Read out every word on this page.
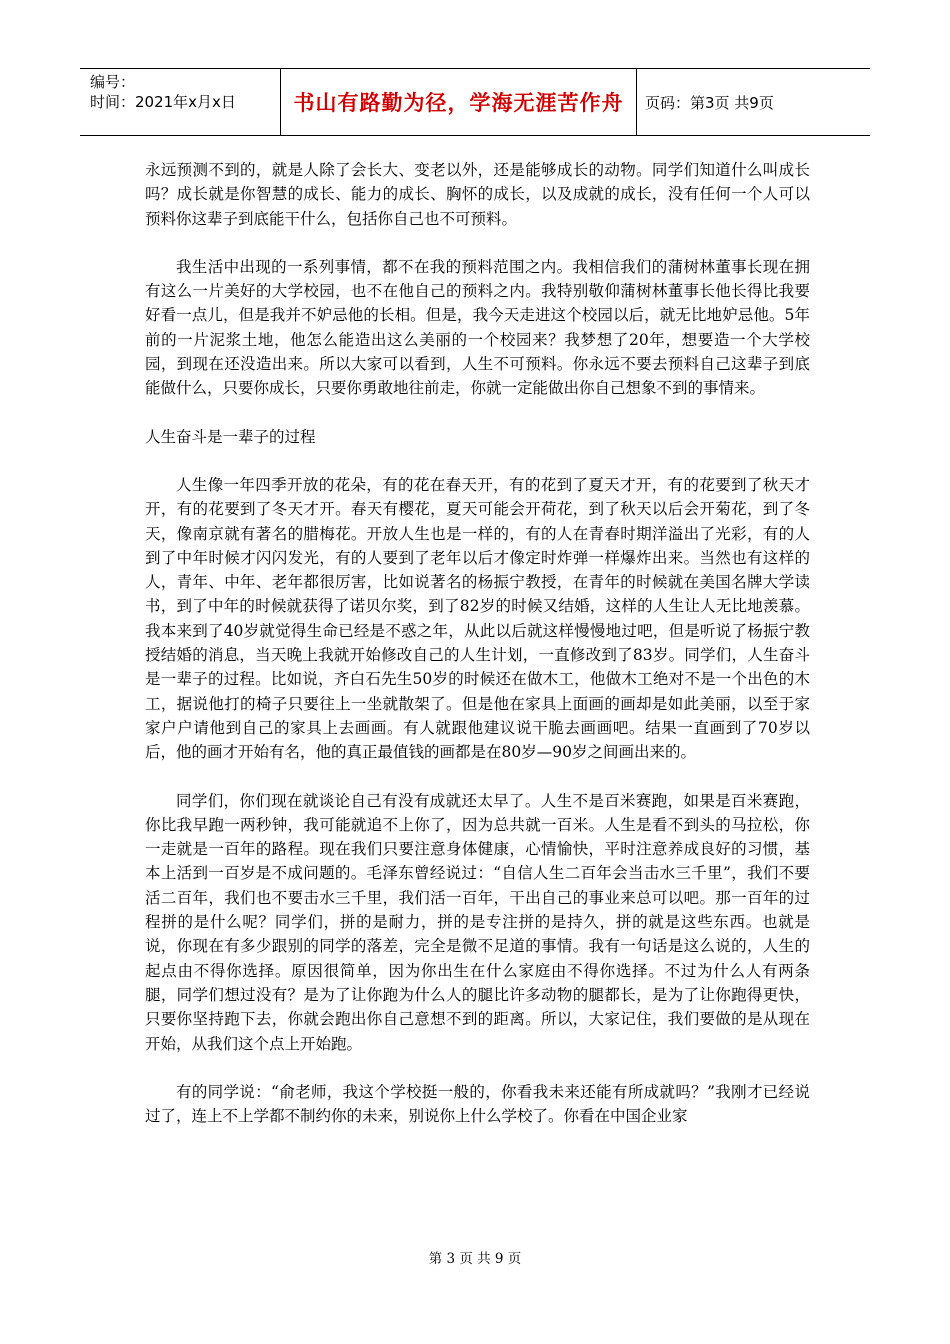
编号：
时间：2021年x月x日	书山有路勤为径，学海无涯苦作舟	页码：第3页 共9页

永远预测不到的，就是人除了会长大、变老以外，还是能够成长的动物。同学们知道什么叫成长吗？成长就是你智慧的成长、能力的成长、胸怀的成长，以及成就的成长，没有任何一个人可以预料你这辈子到底能干什么，包括你自己也不可预料。

我生活中出现的一系列事情，都不在我的预料范围之内。我相信我们的蒲树林董事长现在拥有这么一片美好的大学校园，也不在他自己的预料之内。我特别敬仰蒲树林董事长他长得比我要好看一点儿，但是我并不妒忌他的长相。但是，我今天走进这个校园以后，就无比地妒忌他。5年前的一片泥浆土地，他怎么能造出这么美丽的一个校园来？我梦想了20年，想要造一个大学校园，到现在还没造出来。所以大家可以看到，人生不可预料。你永远不要去预料自己这辈子到底能做什么，只要你成长，只要你勇敢地往前走，你就一定能做出你自己想象不到的事情来。

人生奋斗是一辈子的过程

人生像一年四季开放的花朵，有的花在春天开，有的花到了夏天才开，有的花要到了秋天才开，有的花要到了冬天才开。春天有樱花，夏天可能会开荷花，到了秋天以后会开菊花，到了冬天，像南京就有著名的腊梅花。开放人生也是一样的，有的人在青春时期洋溢出了光彩，有的人到了中年时候才闪闪发光，有的人要到了老年以后才像定时炸弹一样爆炸出来。当然也有这样的人，青年、中年、老年都很厉害，比如说著名的杨振宁教授，在青年的时候就在美国名牌大学读书，到了中年的时候就获得了诺贝尔奖，到了82岁的时候又结婚，这样的人生让人无比地羡慕。我本来到了40岁就觉得生命已经是不惑之年，从此以后就这样慢慢地过吧，但是听说了杨振宁教授结婚的消息，当天晚上我就开始修改自己的人生计划，一直修改到了83岁。同学们，人生奋斗是一辈子的过程。比如说，齐白石先生50岁的时候还在做木工，他做木工绝对不是一个出色的木工，据说他打的椅子只要往上一坐就散架了。但是他在家具上面画的画却是如此美丽，以至于家家户户请他到自己的家具上去画画。有人就跟他建议说干脆去画画吧。结果一直画到了70岁以后，他的画才开始有名，他的真正最值钱的画都是在80岁—90岁之间画出来的。

同学们，你们现在就谈论自己有没有成就还太早了。人生不是百米赛跑，如果是百米赛跑，你比我早跑一两秒钟，我可能就追不上你了，因为总共就一百米。人生是看不到头的马拉松，你一走就是一百年的路程。现在我们只要注意身体健康，心情愉快，平时注意养成良好的习惯，基本上活到一百岁是不成问题的。毛泽东曾经说过：“自信人生二百年会当击水三千里”，我们不要活二百年，我们也不要击水三千里，我们活一百年，干出自己的事业来总可以吧。那一百年的过程拼的是什么呢？同学们，拼的是耐力，拼的是专注拼的是持久，拼的就是这些东西。也就是说，你现在有多少跟别的同学的落差，完全是微不足道的事情。我有一句话是这么说的，人生的起点由不得你选择。原因很简单，因为你出生在什么家庭由不得你选择。不过为什么人有两条腿，同学们想过没有？是为了让你跑为什么人的腿比许多动物的腿都长，是为了让你跑得更快，只要你坚持跑下去，你就会跑出你自己意想不到的距离。所以，大家记住，我们要做的是从现在开始，从我们这个点上开始跑。

有的同学说：“俞老师，我这个学校挺一般的，你看我未来还能有所成就吗？”我刚才已经说过了，连上不上学都不制约你的未来，别说你上什么学校了。你看在中国企业家

第 3 页 共 9 页
